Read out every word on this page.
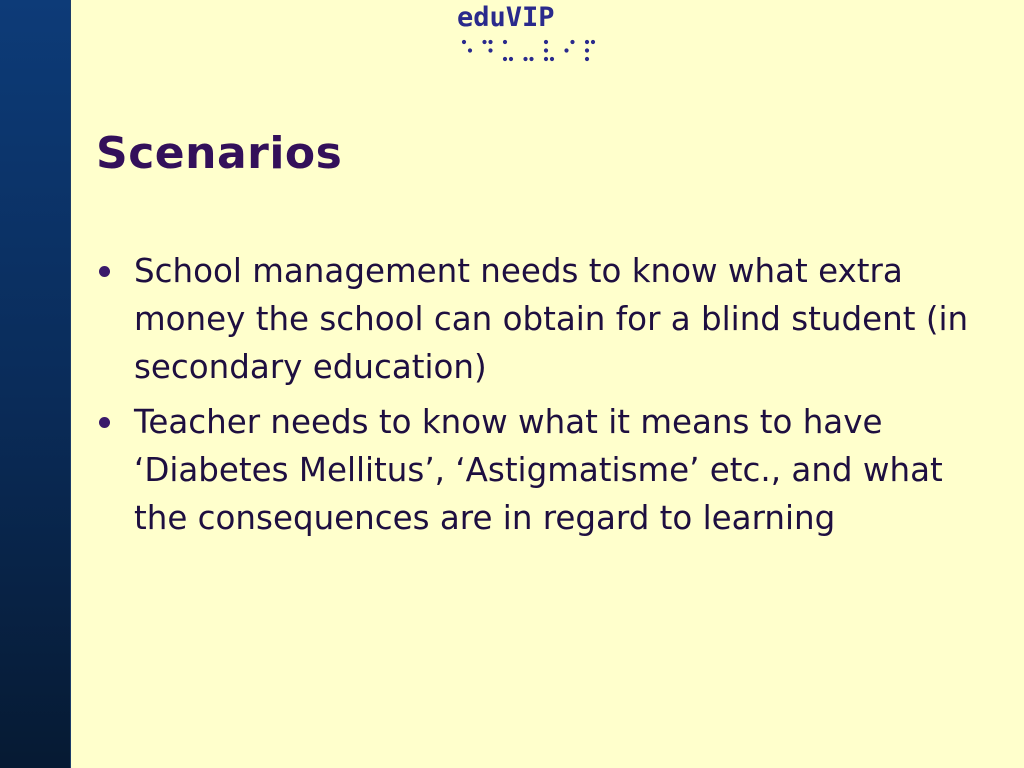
eduVIP
Scenarios
School management needs to know what extra money the school can obtain for a blind student (in secondary education)
Teacher needs to know what it means to have ‘Diabetes Mellitus’, ‘Astigmatisme’ etc., and what the consequences are in regard to learning
